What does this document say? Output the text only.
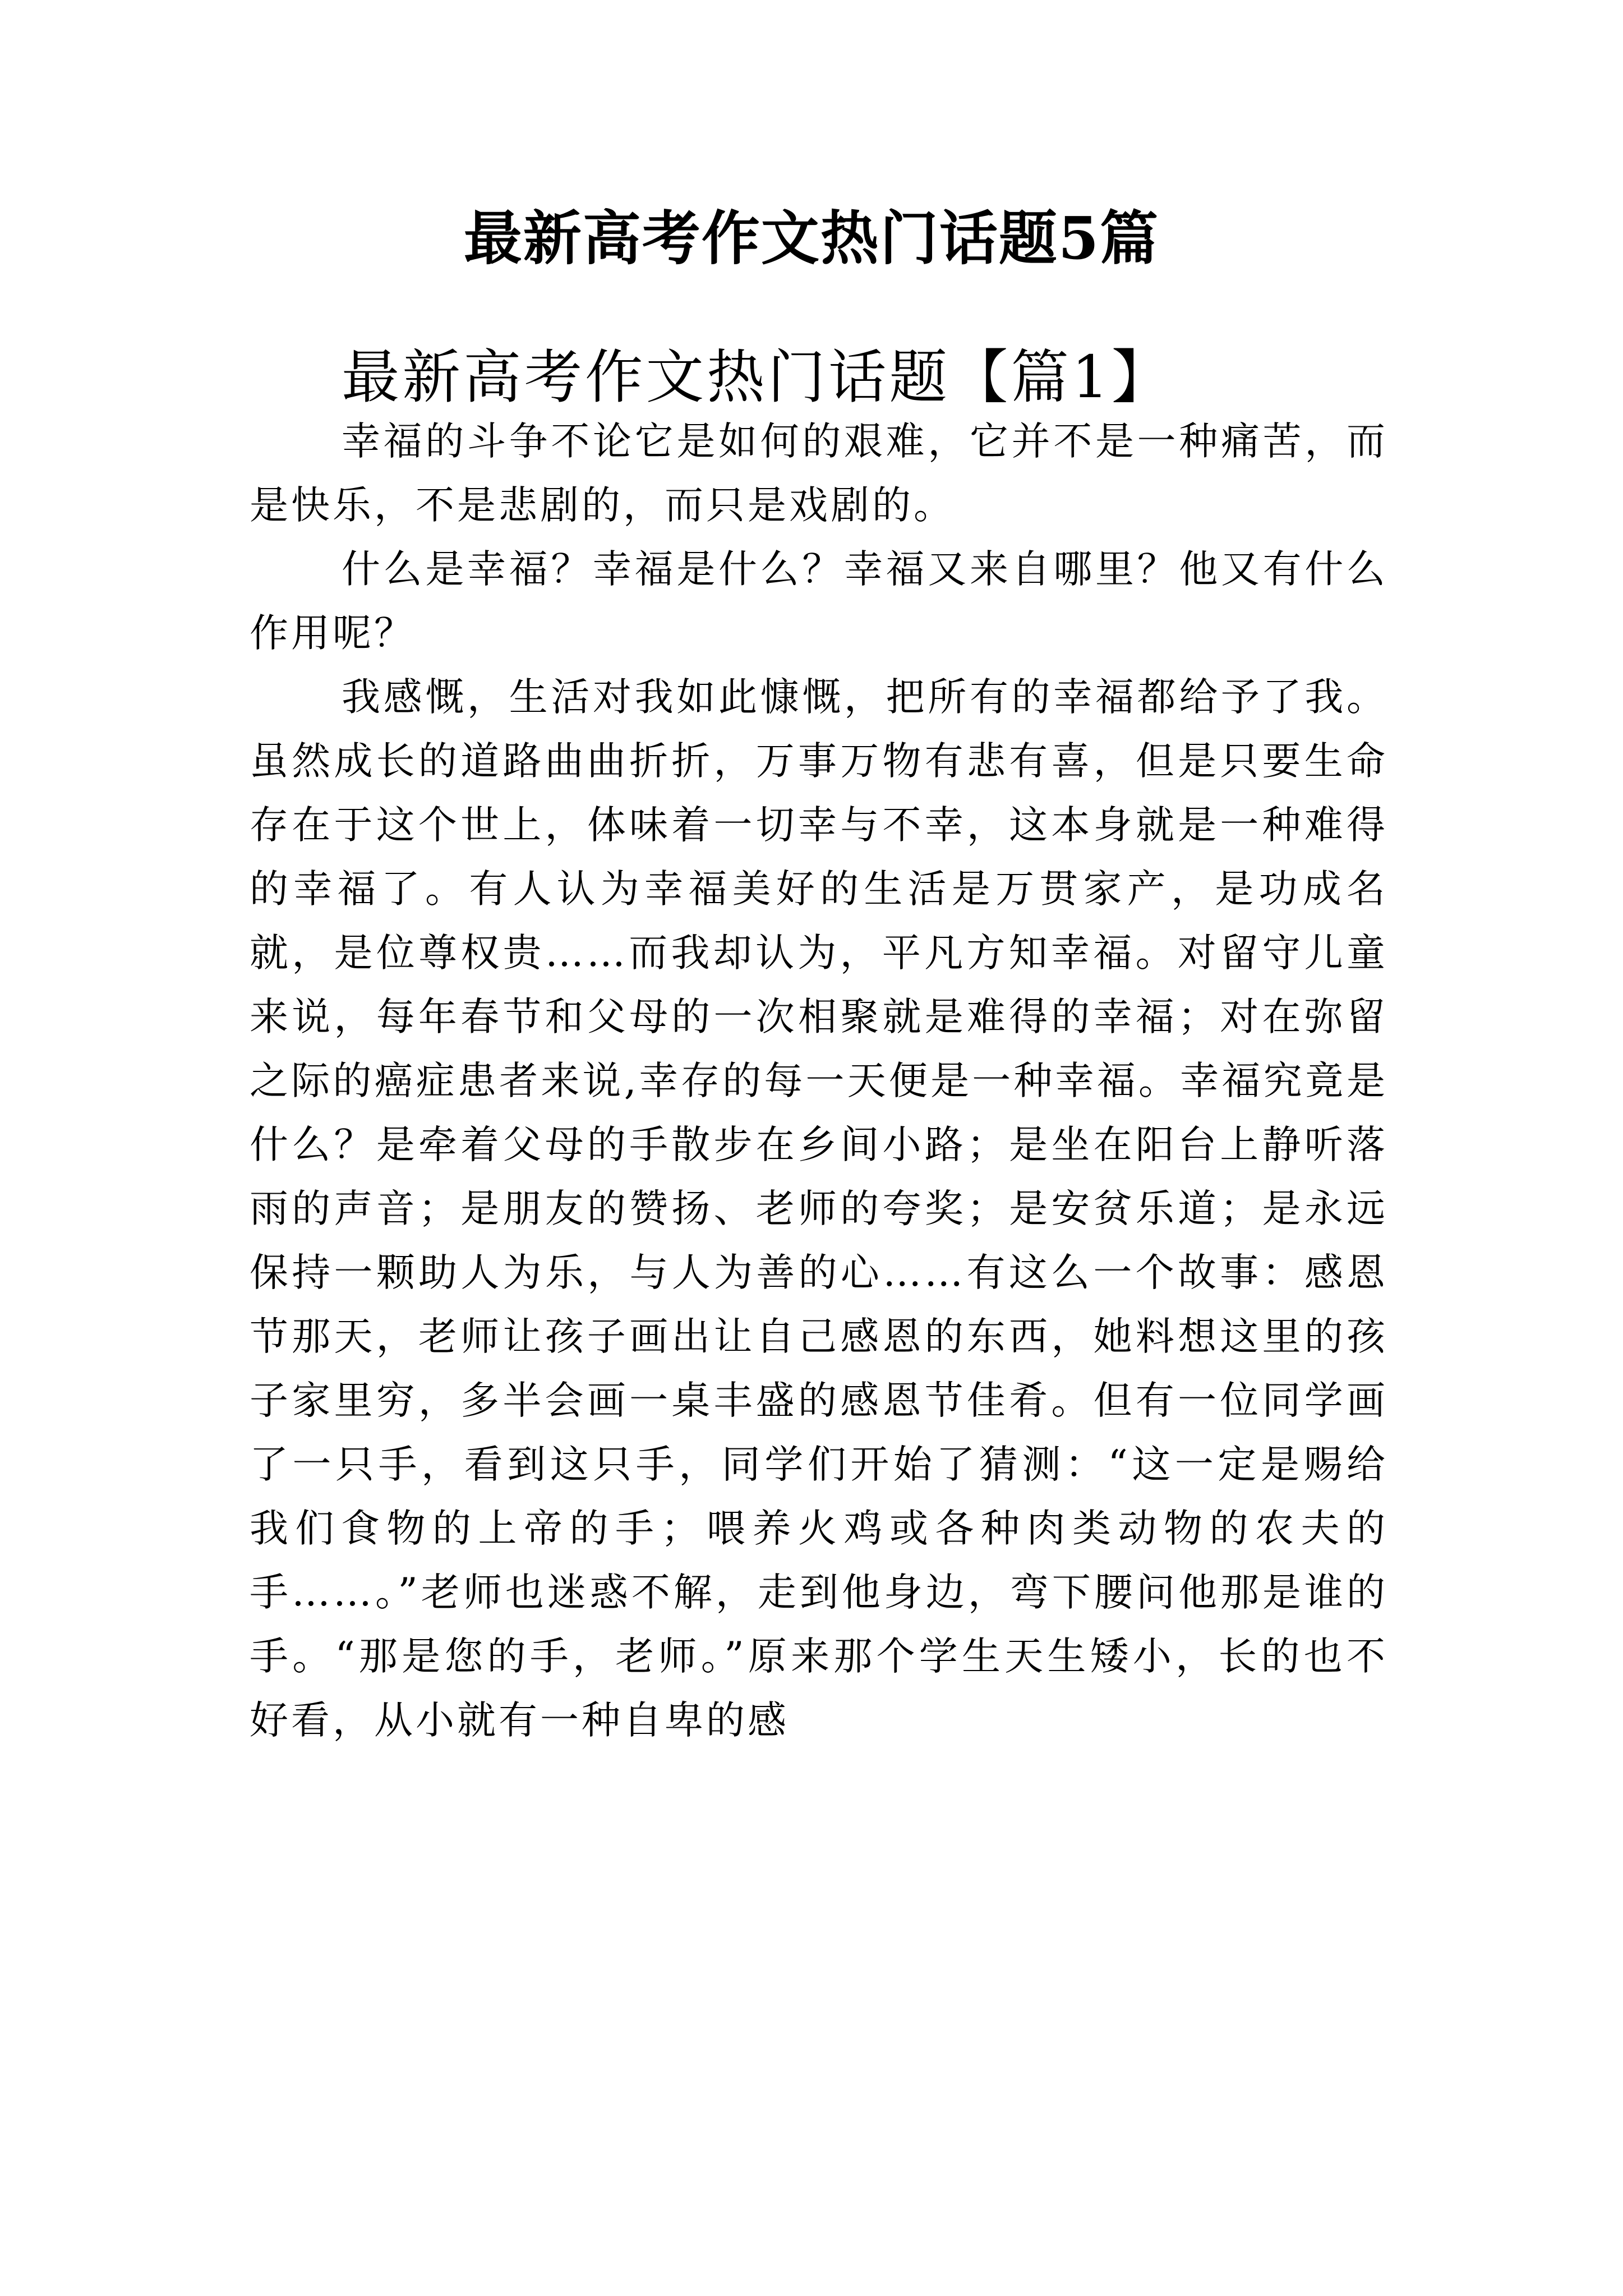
最新高考作文热门话题5篇
最新高考作文热门话题【篇1】

幸福的斗争不论它是如何的艰难，它并不是一种痛苦，而是快乐，不是悲剧的，而只是戏剧的。

什么是幸福？幸福是什么？幸福又来自哪里？他又有什么作用呢？

我感慨，生活对我如此慷慨，把所有的幸福都给予了我。虽然成长的道路曲曲折折，万事万物有悲有喜，但是只要生命存在于这个世上，体味着一切幸与不幸，这本身就是一种难得的幸福了。有人认为幸福美好的生活是万贯家产，是功成名就，是位尊权贵……而我却认为，平凡方知幸福。对留守儿童来说，每年春节和父母的一次相聚就是难得的幸福；对在弥留之际的癌症患者来说,幸存的每一天便是一种幸福。幸福究竟是什么？是牵着父母的手散步在乡间小路；是坐在阳台上静听落雨的声音；是朋友的赞扬、老师的夸奖；是安贫乐道；是永远保持一颗助人为乐，与人为善的心……有这么一个故事：感恩节那天，老师让孩子画出让自己感恩的东西，她料想这里的孩子家里穷，多半会画一桌丰盛的感恩节佳肴。但有一位同学画了一只手，看到这只手，同学们开始了猜测：“这一定是赐给我们食物的上帝的手；喂养火鸡或各种肉类动物的农夫的手……。”老师也迷惑不解，走到他身边，弯下腰问他那是谁的手。“那是您的手，老师。”原来那个学生天生矮小，长的也不好看，从小就有一种自卑的感
